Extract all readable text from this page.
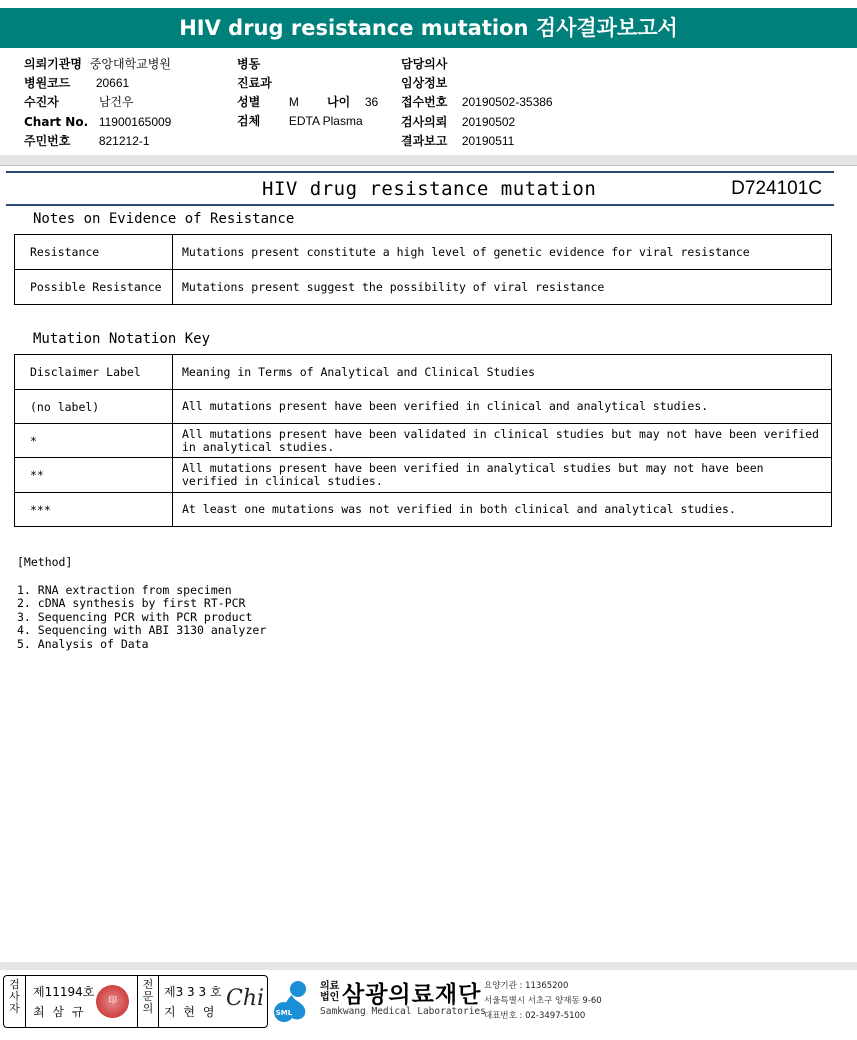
HIV drug resistance mutation 검사결과보고서
의뢰기관명 중앙대학교병원
병원코드 20661
수진자	남건우
Chart No. 11900165009
주민번호 821212-1
병동
진료과
성별 M 나이 36
검체 EDTA Plasma
담당의사
임상정보
접수번호 20190502-35386
검사의뢰 20190502
결과보고 20190511
HIV drug resistance mutation	D724101C
Notes on Evidence of Resistance
Resistance	Mutations present constitute a high level of genetic evidence for viral resistance
Possible Resistance	Mutations present suggest the possibility of viral resistance
Mutation Notation Key
Disclaimer Label	Meaning in Terms of Analytical and Clinical Studies
(no label)	All mutations present have been verified in clinical and analytical studies.
*	All mutations present have been validated in clinical studies but may not have been verified in analytical studies.
**	All mutations present have been verified in analytical studies but may not have been verified in clinical studies.
***	At least one mutations was not verified in both clinical and analytical studies.
[Method]
1. RNA extraction from specimen
2. cDNA synthesis by first RT-PCR
3. Sequencing PCR with PCR product
4. Sequencing with ABI 3130 analyzer
5. Analysis of Data
검사자
제11194호
최 삼 규
印
전문의
제3 3 3 호
지 현 영
Chi
SML
의료법인 삼광의료재단
Samkwang Medical Laboratories
요양기관 : 11365200
서울특별시 서초구 양재동 9-60
대표번호 : 02-3497-5100
